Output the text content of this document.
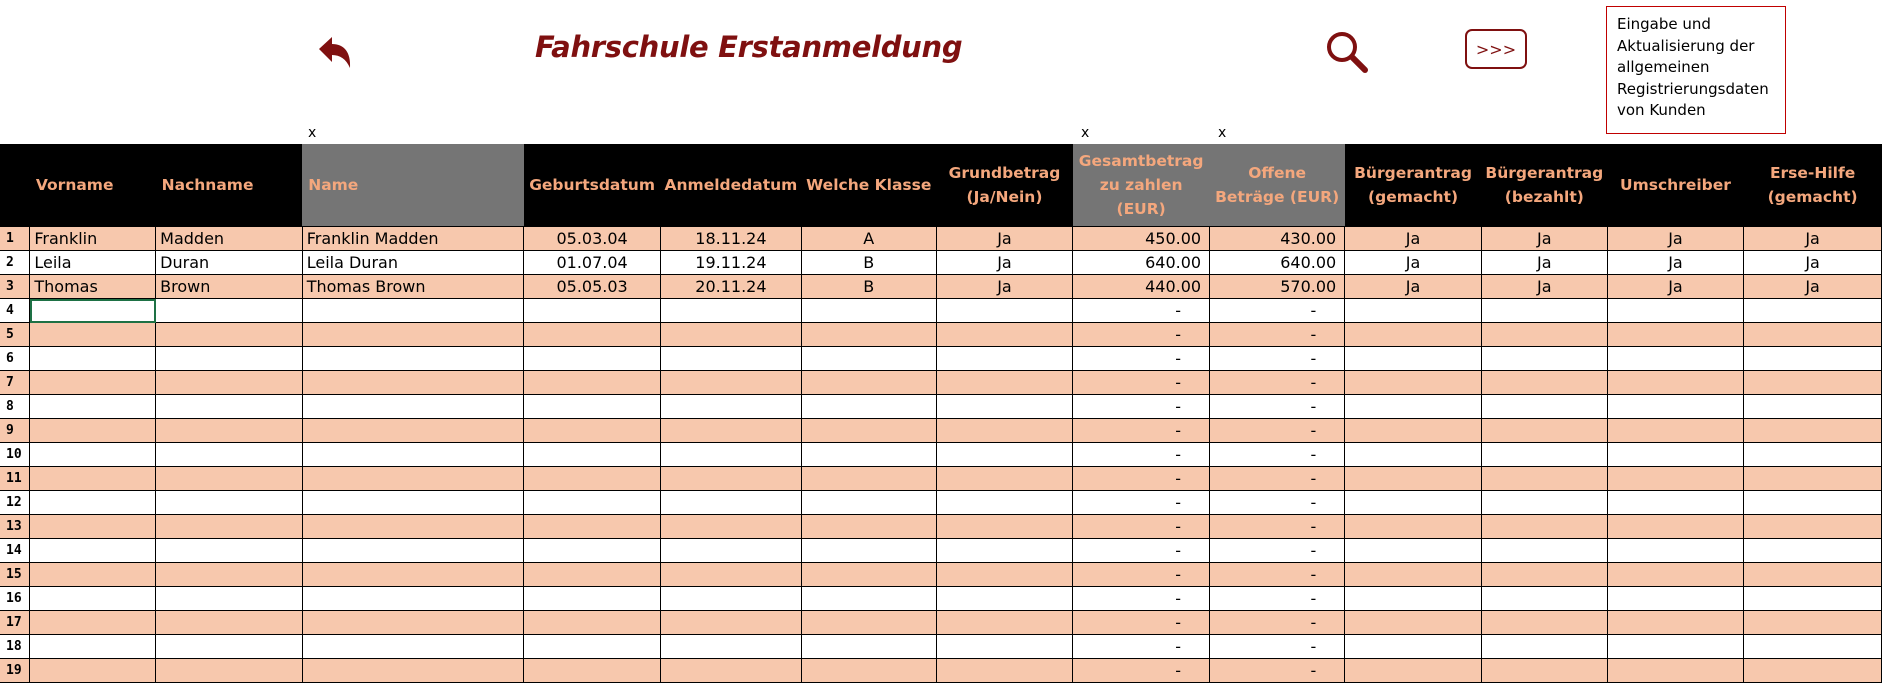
Fahrschule Erstanmeldung	>>>
Eingabe und Aktualisierung der allgemeinen Registrierungsdaten von Kunden
x	x	x
	Vorname	Nachname	Name	Geburtsdatum	Anmeldedatum	Welche Klasse	Grundbetrag (Ja/Nein)	Gesamtbetrag zu zahlen (EUR)	Offene Beträge (EUR)	Bürgerantrag (gemacht)	Bürgerantrag (bezahlt)	Umschreiber	Erse-Hilfe (gemacht)
1	Franklin	Madden	Franklin Madden	05.03.04	18.11.24	A	Ja	450.00	430.00	Ja	Ja	Ja	Ja
2	Leila	Duran	Leila Duran	01.07.04	19.11.24	B	Ja	640.00	640.00	Ja	Ja	Ja	Ja
3	Thomas	Brown	Thomas Brown	05.05.03	20.11.24	B	Ja	440.00	570.00	Ja	Ja	Ja	Ja
4								-	-				
5								-	-				
6								-	-				
7								-	-				
8								-	-				
9								-	-				
10								-	-				
11								-	-				
12								-	-				
13								-	-				
14								-	-				
15								-	-				
16								-	-				
17								-	-				
18								-	-				
19								-	-				
